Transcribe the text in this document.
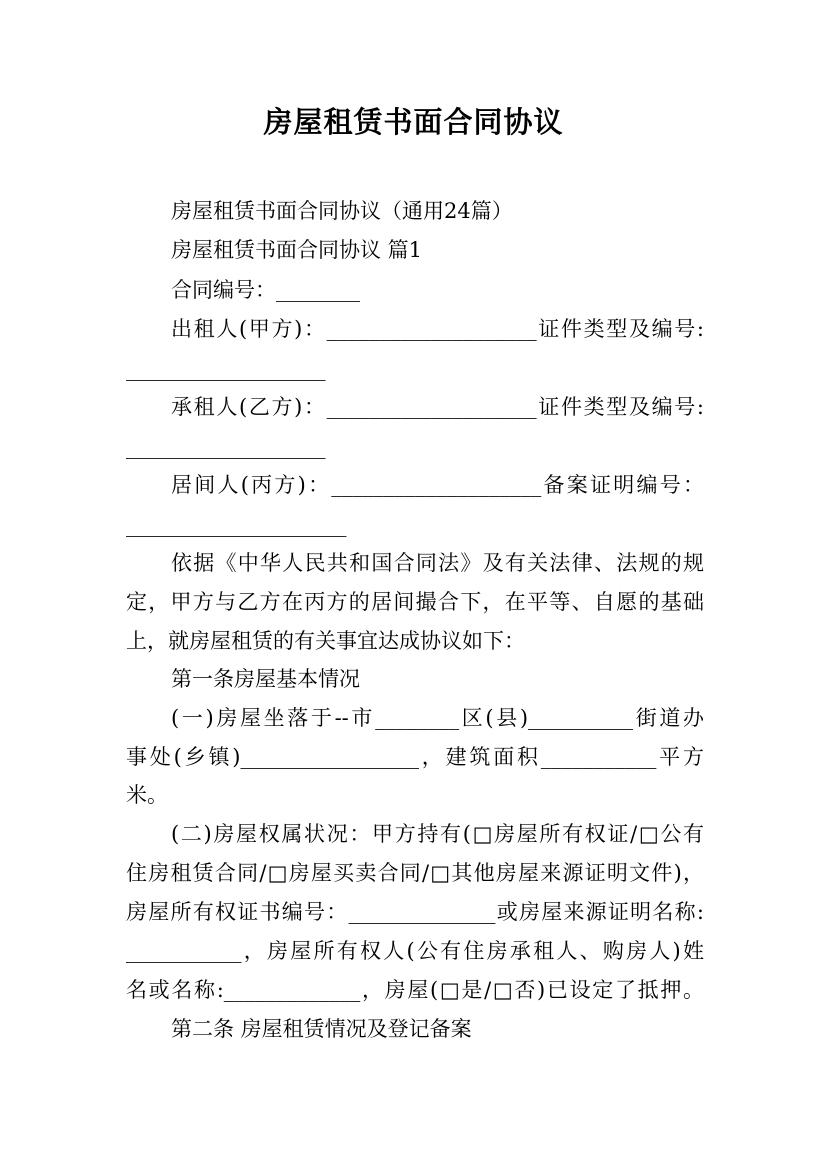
房屋租赁书面合同协议
房屋租赁书面合同协议（通用24篇）
房屋租赁书面合同协议 篇1
合同编号：________
出租人(甲方)：____________________证件类型及编号:
___________________
承租人(乙方)：____________________证件类型及编号:
___________________
居间人(丙方)：____________________备案证明编号：
_____________________
依据《中华人民共和国合同法》及有关法律、法规的规
定，甲方与乙方在丙方的居间撮合下，在平等、自愿的基础
上，就房屋租赁的有关事宜达成协议如下：
第一条房屋基本情况
(一)房屋坐落于--市________区(县)__________街道办
事处(乡镇)_________________，建筑面积___________平方
米。
(二)房屋权属状况：甲方持有(□房屋所有权证/□公有
住房租赁合同/□房屋买卖合同/□其他房屋来源证明文件)，
房屋所有权证书编号：______________或房屋来源证明名称:
___________，房屋所有权人(公有住房承租人、购房人)姓
名或名称:_____________，房屋(□是/□否)已设定了抵押。
第二条 房屋租赁情况及登记备案
